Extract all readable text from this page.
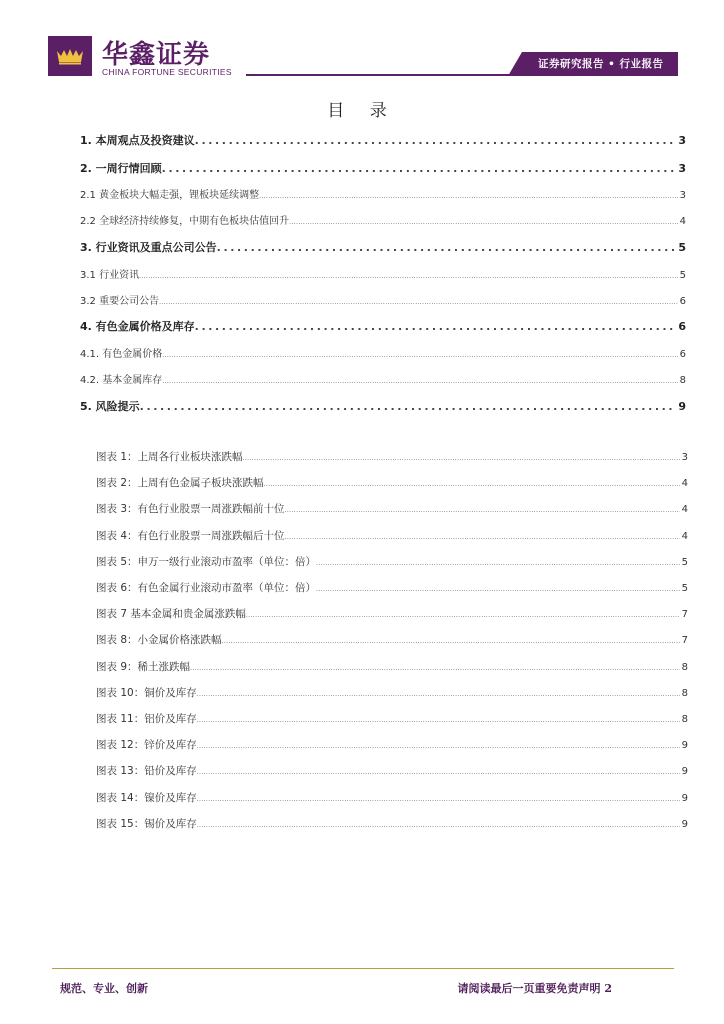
华鑫证券
CHINA FORTUNE SECURITIES
证券研究报告 • 行业报告
目 录
1. 本周观点及投资建议 .....	3
2. 一周行情回顾 .....	3
2.1 黄金板块大幅走强，锂板块延续调整 .....	3
2.2 全球经济持续修复，中期有色板块估值回升 .....	4
3. 行业资讯及重点公司公告 .....	5
3.1 行业资讯 .....	5
3.2 重要公司公告 .....	6
4. 有色金属价格及库存 .....	6
4.1. 有色金属价格 .....	6
4.2. 基本金属库存 .....	8
5. 风险提示 .....	9
图表 1：上周各行业板块涨跌幅 .....	3
图表 2：上周有色金属子板块涨跌幅 .....	4
图表 3：有色行业股票一周涨跌幅前十位 .....	4
图表 4：有色行业股票一周涨跌幅后十位 .....	4
图表 5：申万一级行业滚动市盈率（单位：倍） .....	5
图表 6：有色金属行业滚动市盈率（单位：倍） .....	5
图表 7 基本金属和贵金属涨跌幅 .....	7
图表 8：小金属价格涨跌幅 .....	7
图表 9：稀土涨跌幅 .....	8
图表 10：铜价及库存 .....	8
图表 11：铝价及库存 .....	8
图表 12：锌价及库存 .....	9
图表 13：铅价及库存 .....	9
图表 14：镍价及库存 .....	9
图表 15：锡价及库存 .....	9
规范、专业、创新	请阅读最后一页重要免责声明 2
